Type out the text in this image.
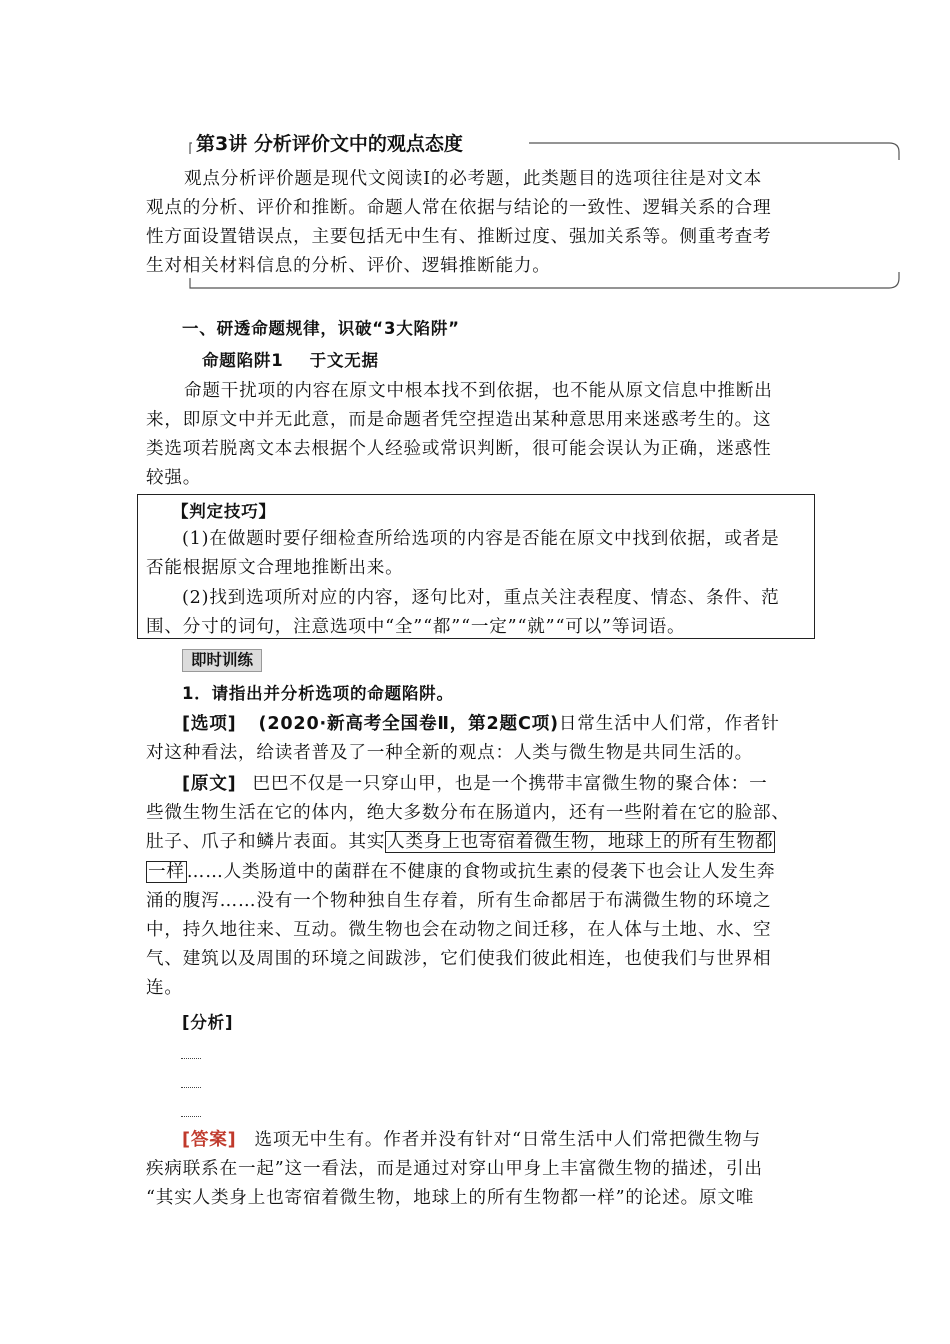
第3讲 分析评价文中的观点态度
观点分析评价题是现代文阅读Ⅰ的必考题，此类题目的选项往往是对文本
观点的分析、评价和推断。命题人常在依据与结论的一致性、逻辑关系的合理
性方面设置错误点，主要包括无中生有、推断过度、强加关系等。侧重考查考
生对相关材料信息的分析、评价、逻辑推断能力。
一、研透命题规律，识破“3大陷阱”
命题陷阱1    于文无据
命题干扰项的内容在原文中根本找不到依据，也不能从原文信息中推断出
来，即原文中并无此意，而是命题者凭空捏造出某种意思用来迷惑考生的。这
类选项若脱离文本去根据个人经验或常识判断，很可能会误认为正确，迷惑性
较强。
【判定技巧】
(1)在做题时要仔细检查所给选项的内容是否能在原文中找到依据，或者是
否能根据原文合理地推断出来。
(2)找到选项所对应的内容，逐句比对，重点关注表程度、情态、条件、范
围、分寸的词句，注意选项中“全”“都”“一定”“就”“可以”等词语。
即时训练
1．请指出并分析选项的命题陷阱。
[选项] (2020·新高考全国卷Ⅱ，第2题C项)日常生活中人们常，作者针
对这种看法，给读者普及了一种全新的观点：人类与微生物是共同生活的。
[原文] 巴巴不仅是一只穿山甲，也是一个携带丰富微生物的聚合体：一
些微生物生活在它的体内，绝大多数分布在肠道内，还有一些附着在它的脸部、
肚子、爪子和鳞片表面。其实 人类身上也寄宿着微生物，地球上的所有生物都
一样 ……人类肠道中的菌群在不健康的食物或抗生素的侵袭下也会让人发生奔
涌的腹泻……没有一个物种独自生存着，所有生命都居于布满微生物的环境之
中，持久地往来、互动。微生物也会在动物之间迁移，在人体与土地、水、空
气、建筑以及周围的环境之间跋涉，它们使我们彼此相连，也使我们与世界相
连。
[分析]
[答案] 选项无中生有。作者并没有针对“日常生活中人们常把微生物与
疾病联系在一起”这一看法，而是通过对穿山甲身上丰富微生物的描述，引出
“其实人类身上也寄宿着微生物，地球上的所有生物都一样”的论述。原文唯
